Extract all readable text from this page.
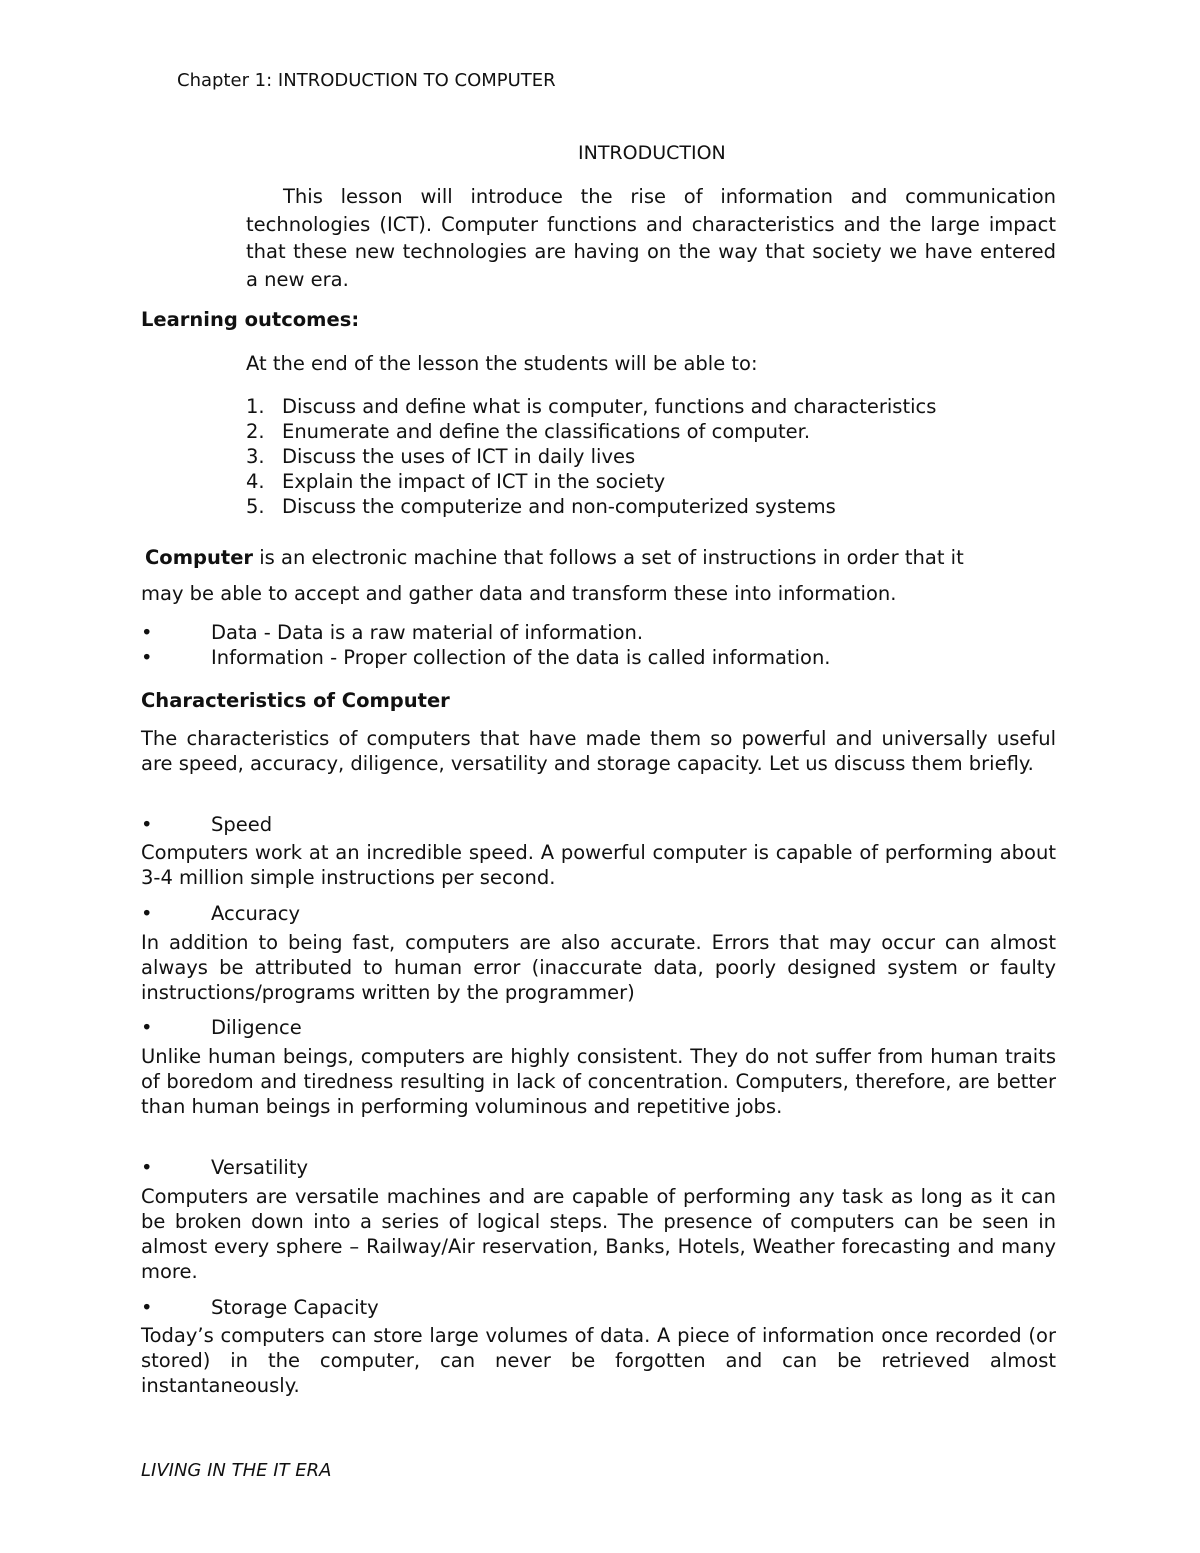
Chapter 1: INTRODUCTION TO COMPUTER
INTRODUCTION

This lesson will introduce the rise of information and communication technologies (ICT). Computer functions and characteristics and the large impact that these new technologies are having on the way that society we have entered a new era.

Learning outcomes:
At the end of the lesson the students will be able to:
1. Discuss and define what is computer, functions and characteristics
2. Enumerate and define the classifications of computer.
3. Discuss the uses of ICT in daily lives
4. Explain the impact of ICT in the society
5. Discuss the computerize and non-computerized systems
Computer is an electronic machine that follows a set of instructions in order that it
may be able to accept and gather data and transform these into information.
•	Data - Data is a raw material of information.
•	Information - Proper collection of the data is called information.
Characteristics of Computer

The characteristics of computers that have made them so powerful and universally useful are speed, accuracy, diligence, versatility and storage capacity. Let us discuss them briefly.

•	Speed

Computers work at an incredible speed. A powerful computer is capable of performing about 3-4 million simple instructions per second.

•	Accuracy

In addition to being fast, computers are also accurate. Errors that may occur can almost always be attributed to human error (inaccurate data, poorly designed system or faulty instructions/programs written by the programmer)

•	Diligence

Unlike human beings, computers are highly consistent. They do not suffer from human traits of boredom and tiredness resulting in lack of concentration. Computers, therefore, are better than human beings in performing voluminous and repetitive jobs.

•	Versatility

Computers are versatile machines and are capable of performing any task as long as it can be broken down into a series of logical steps. The presence of computers can be seen in almost every sphere – Railway/Air reservation, Banks, Hotels, Weather forecasting and many more.

•	Storage Capacity

Today’s computers can store large volumes of data. A piece of information once recorded (or stored) in the computer, can never be forgotten and can be retrieved almost instantaneously.

LIVING IN THE IT ERA
